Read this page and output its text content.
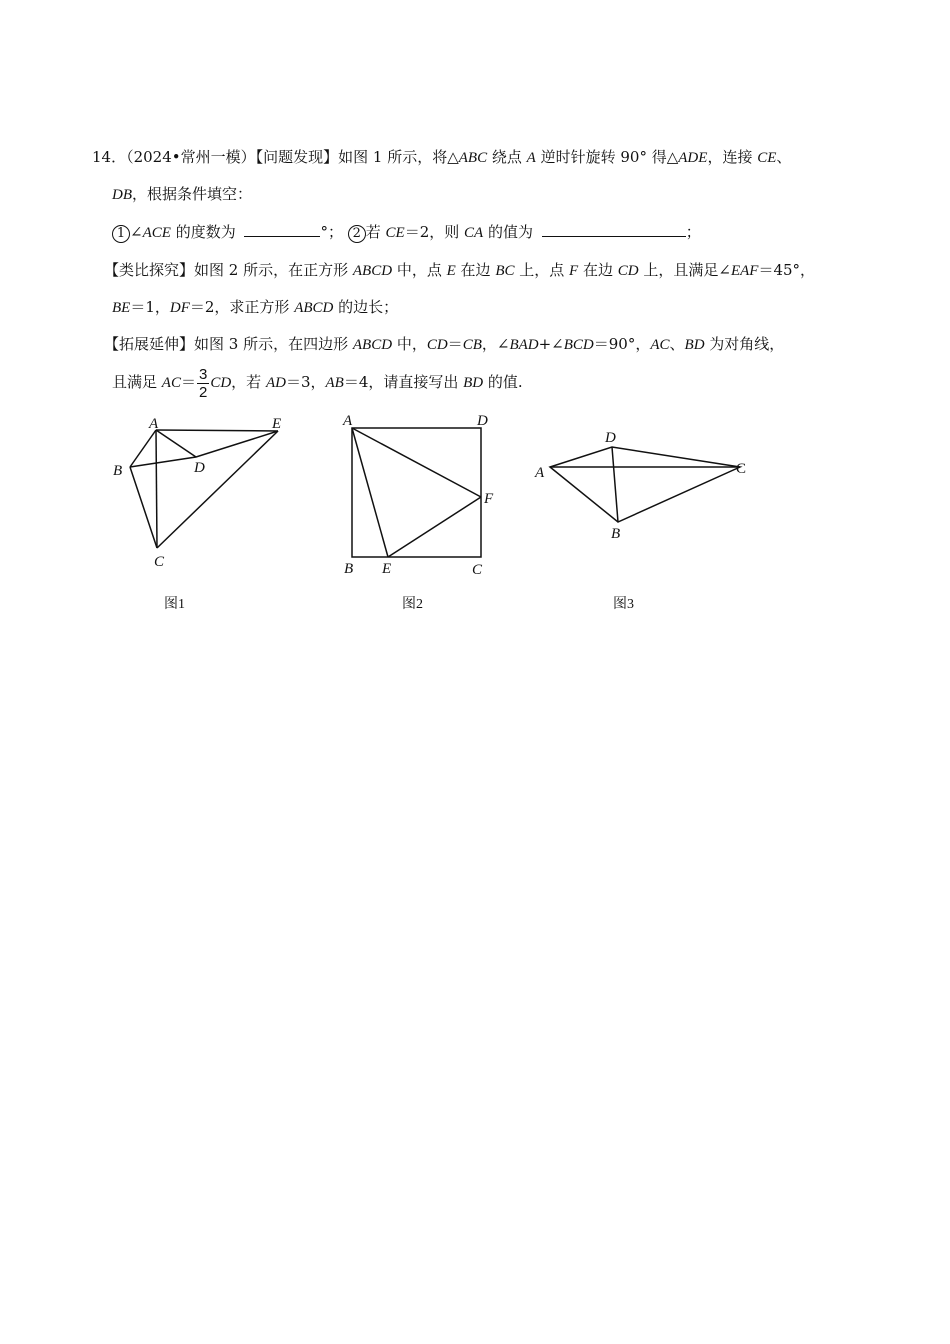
14．（2024•常州一模）【问题发现】如图 1 所示，将△ABC 绕点 A 逆时针旋转 90° 得△ADE，连接 CE、
DB，根据条件填空：
1 ∠ACE 的度数为	°； 2 若 CE＝2，则 CA 的值为	；
【类比探究】如图 2 所示，在正方形 ABCD 中，点 E 在边 BC 上，点 F 在边 CD 上，且满足∠EAF＝45°，
BE＝1，DF＝2，求正方形 ABCD 的边长；
【拓展延伸】如图 3 所示，在四边形 ABCD 中，CD＝CB，∠BAD+∠BCD＝90°，AC、BD 为对角线，
且满足 $AC= \frac{3}{2}$ CD，若 AD＝3，AB＝4，请直接写出 BD 的值.
A	E
B	D
C
图1
A	D
F
B E	C
图2
A
D
C
B
图3
